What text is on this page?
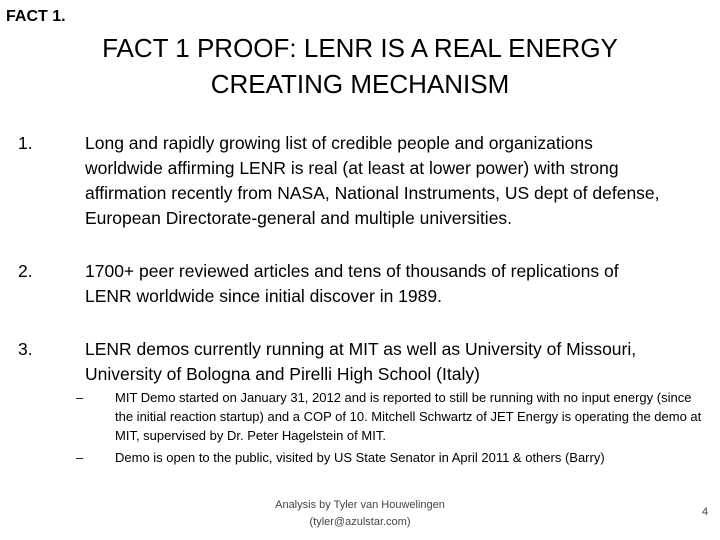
FACT 1.
FACT 1 PROOF: LENR IS A REAL ENERGY
CREATING MECHANISM
1.	Long and rapidly growing list of credible people and organizations worldwide affirming LENR is real (at least at lower power) with strong affirmation recently from NASA, National Instruments, US dept of defense, European Directorate-general and multiple universities.
2.	1700+ peer reviewed articles and tens of thousands of replications of LENR worldwide since initial discover in 1989.
3.	LENR demos currently running at MIT as well as University of Missouri, University of Bologna and Pirelli High School (Italy)
– MIT Demo started on January 31, 2012 and is reported to still be running with no input energy (since the initial reaction startup) and a COP of 10. Mitchell Schwartz of JET Energy is operating the demo at MIT, supervised by Dr. Peter Hagelstein of MIT.
– Demo is open to the public, visited by US State Senator in April 2011 & others (Barry)
Analysis by Tyler van Houwelingen
(tyler@azulstar.com)
4
